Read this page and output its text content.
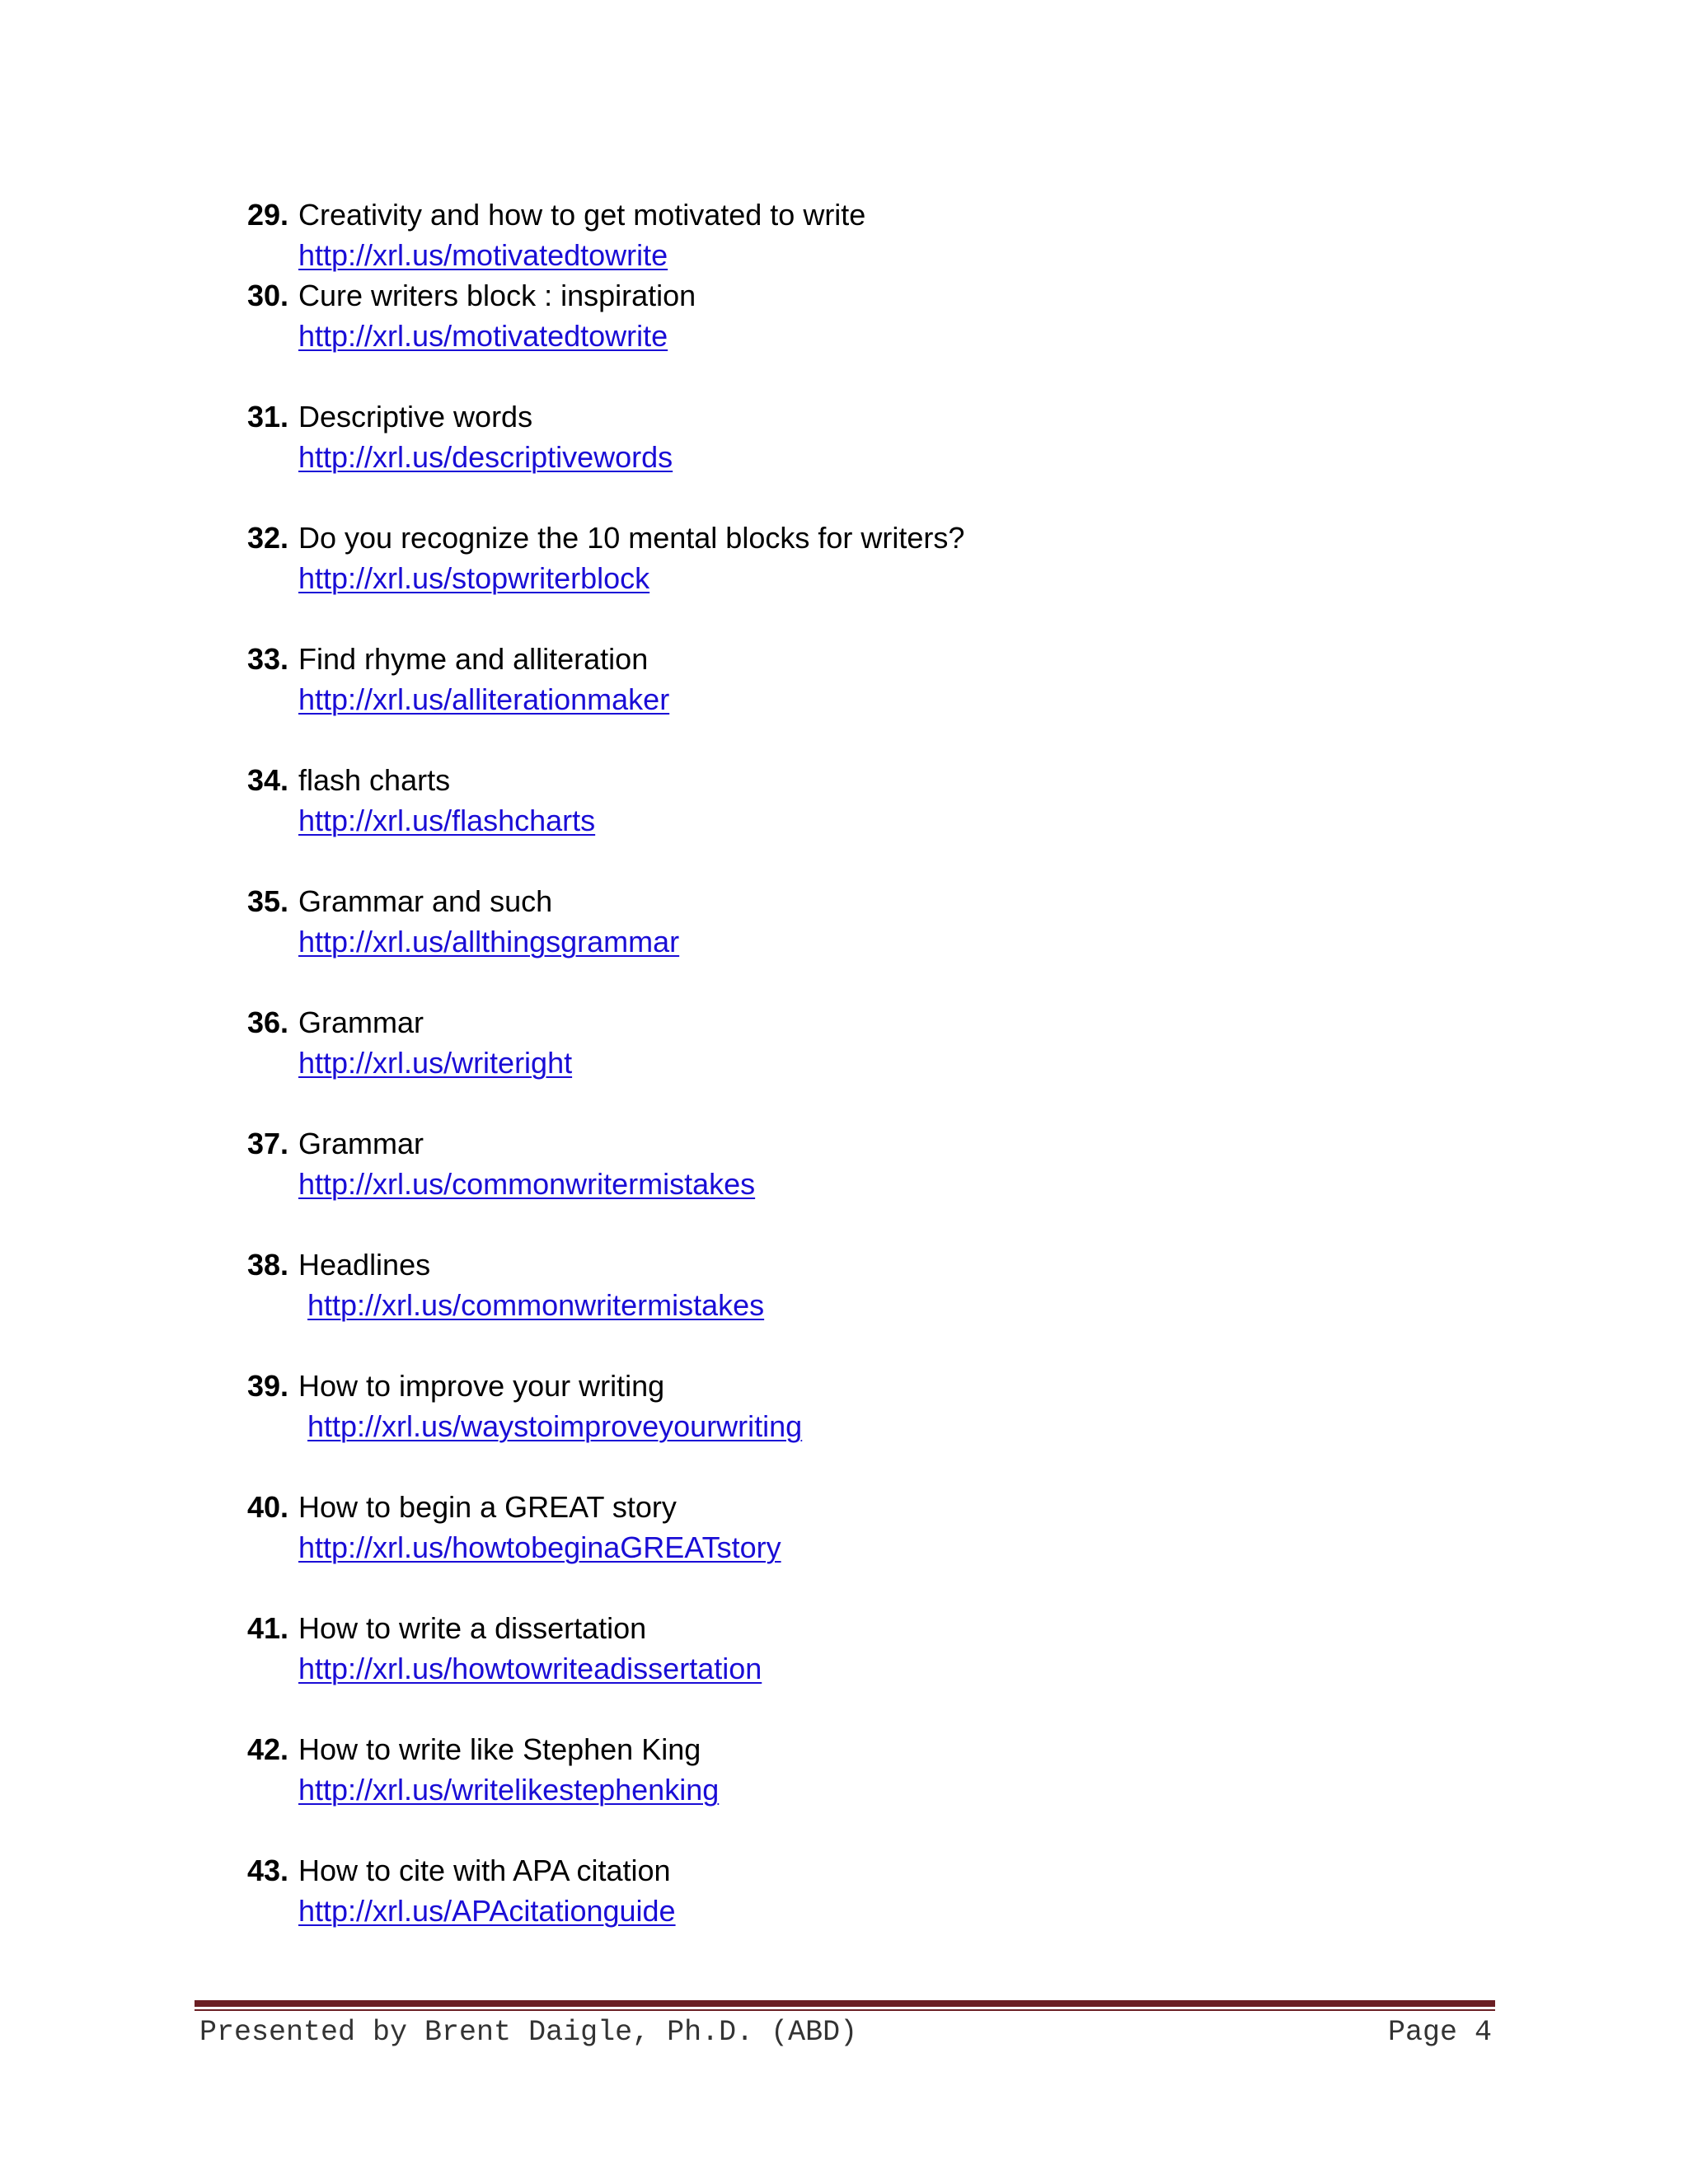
29. Creativity and how to get motivated to write
http://xrl.us/motivatedtowrite
30. Cure writers block : inspiration
http://xrl.us/motivatedtowrite
31. Descriptive words
http://xrl.us/descriptivewords
32. Do you recognize the 10 mental blocks for writers?
http://xrl.us/stopwriterblock
33. Find rhyme and alliteration
http://xrl.us/alliterationmaker
34. flash charts
http://xrl.us/flashcharts
35. Grammar and such
http://xrl.us/allthingsgrammar
36. Grammar
http://xrl.us/writeright
37. Grammar
http://xrl.us/commonwritermistakes
38. Headlines
http://xrl.us/commonwritermistakes
39. How to improve your writing
http://xrl.us/waystoimproveyourwriting
40. How to begin a GREAT story
http://xrl.us/howtobeginaGREATstory
41. How to write a dissertation
http://xrl.us/howtowriteadissertation
42. How to write like Stephen King
http://xrl.us/writelikestephenking
43. How to cite with APA citation
http://xrl.us/APAcitationguide
Presented by Brent Daigle, Ph.D. (ABD)	Page 4
